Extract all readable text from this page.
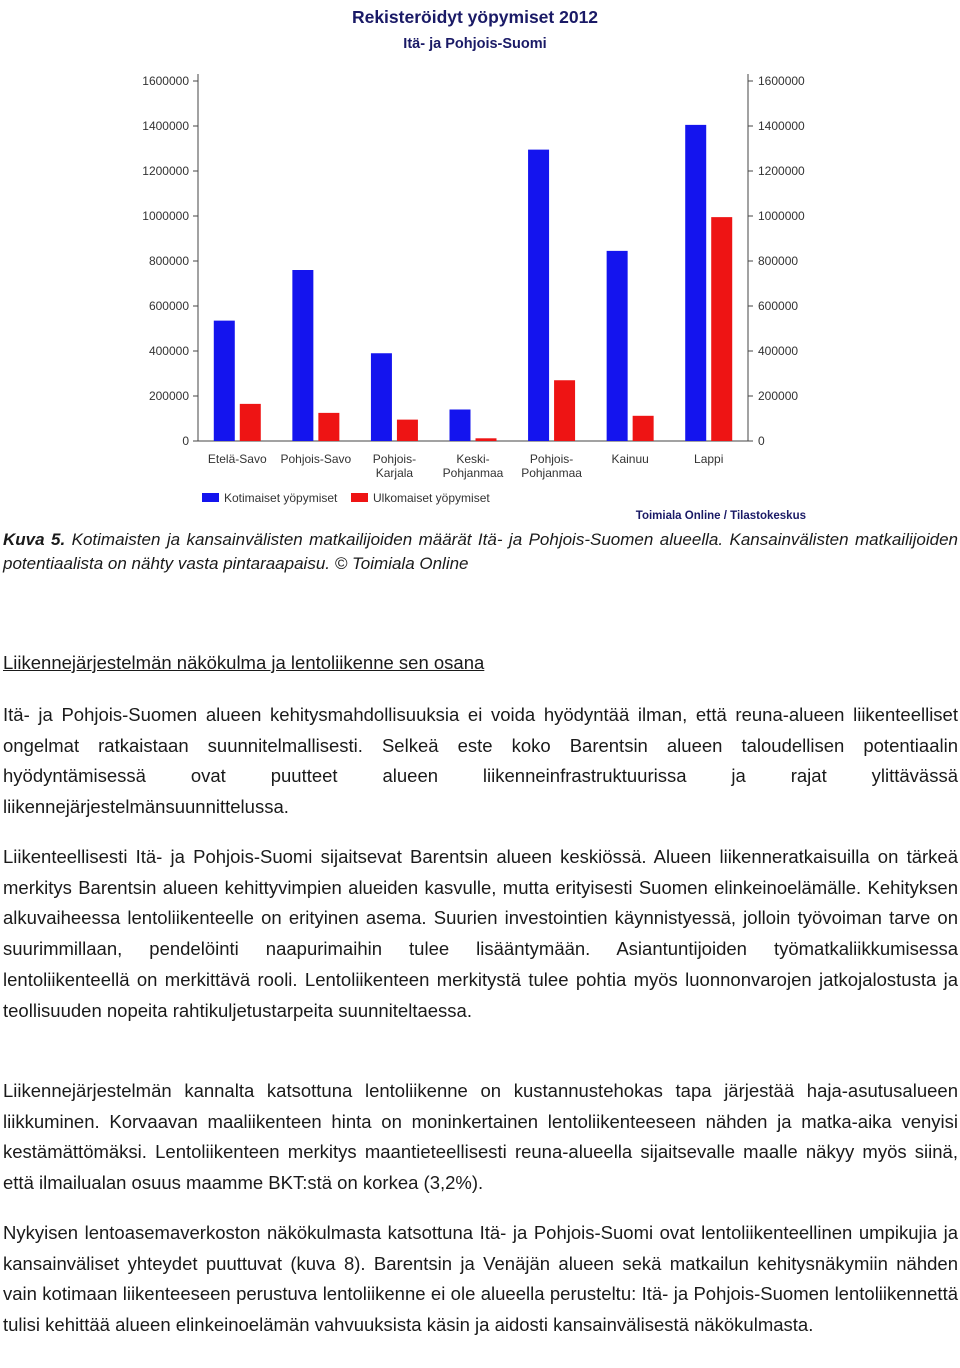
Rekisteröidyt yöpymiset 2012
Itä- ja Pohjois-Suomi
0
200000
400000
600000
800000
1000000
1200000
1400000
1600000
0
200000
400000
600000
800000
1000000
1200000
1400000
1600000
Etelä-Savo Pohjois-Savo Pohjois-
Karjala
Keski-
Pohjanmaa
Pohjois-
Pohjanmaa
Kainuu	Lappi
Kotimaiset yöpymiset	Ulkomaiset yöpymiset
Toimiala Online / Tilastokeskus

Kuva 5. Kotimaisten ja kansainvälisten matkailijoiden määrät Itä- ja Pohjois-Suomen alueella. Kansainvälisten matkailijoiden potentiaalista on nähty vasta pintaraapaisu. © Toimiala Online

Liikennejärjestelmän näkökulma ja lentoliikenne sen osana

Itä- ja Pohjois-Suomen alueen kehitysmahdollisuuksia ei voida hyödyntää ilman, että reuna-alueen liikenteelliset ongelmat ratkaistaan suunnitelmallisesti. Selkeä este koko Barentsin alueen taloudellisen potentiaalin hyödyntämisessä ovat puutteet alueen liikenneinfrastruktuurissa ja rajat ylittävässä liikennejärjestelmänsuunnittelussa.

Liikenteellisesti Itä- ja Pohjois-Suomi sijaitsevat Barentsin alueen keskiössä. Alueen liikenneratkaisuilla on tärkeä merkitys Barentsin alueen kehittyvimpien alueiden kasvulle, mutta erityisesti Suomen elinkeinoelämälle. Kehityksen alkuvaiheessa lentoliikenteelle on erityinen asema. Suurien investointien käynnistyessä, jolloin työvoiman tarve on suurimmillaan, pendelöinti naapurimaihin tulee lisääntymään. Asiantuntijoiden työmatkaliikkumisessa lentoliikenteellä on merkittävä rooli. Lentoliikenteen merkitystä tulee pohtia myös luonnonvarojen jatkojalostusta ja teollisuuden nopeita rahtikuljetustarpeita suunniteltaessa.

Liikennejärjestelmän kannalta katsottuna lentoliikenne on kustannustehokas tapa järjestää haja-asutusalueen liikkuminen. Korvaavan maaliikenteen hinta on moninkertainen lentoliikenteeseen nähden ja matka-aika venyisi kestämättömäksi. Lentoliikenteen merkitys maantieteellisesti reuna-alueella sijaitsevalle maalle näkyy myös siinä, että ilmailualan osuus maamme BKT:stä on korkea (3,2%).

Nykyisen lentoasemaverkoston näkökulmasta katsottuna Itä- ja Pohjois-Suomi ovat lentoliikenteellinen umpikujia ja kansainväliset yhteydet puuttuvat (kuva 8). Barentsin ja Venäjän alueen sekä matkailun kehitysnäkymiin nähden vain kotimaan liikenteeseen perustuva lentoliikenne ei ole alueella perusteltu: Itä- ja Pohjois-Suomen lentoliikennettä tulisi kehittää alueen elinkeinoelämän vahvuuksista käsin ja aidosti kansainvälisestä näkökulmasta.
